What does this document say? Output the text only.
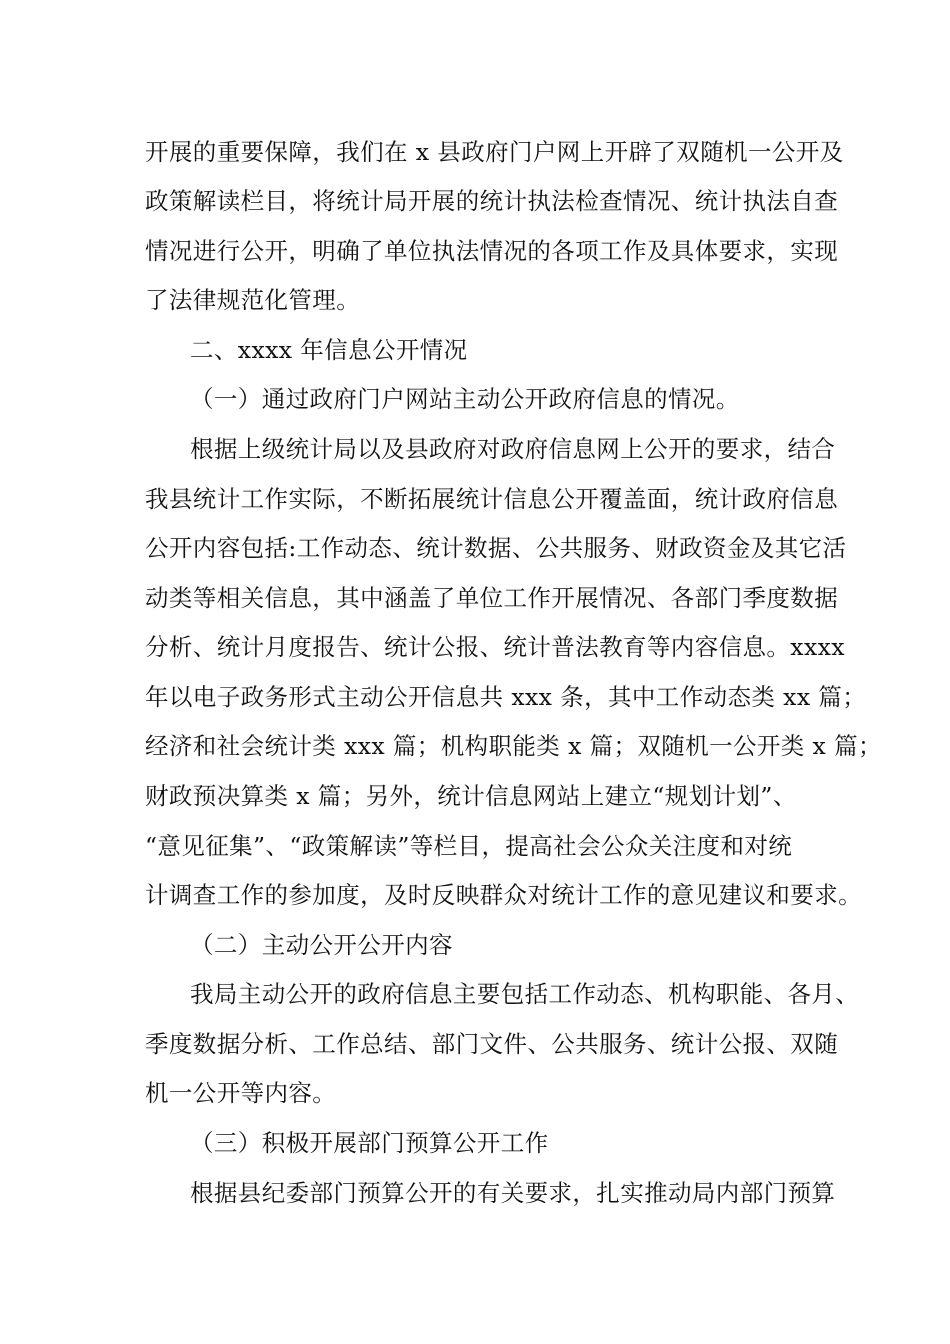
开展的重要保障，我们在 x 县政府门户网上开辟了双随机一公开及
政策解读栏目，将统计局开展的统计执法检查情况、统计执法自查
情况进行公开，明确了单位执法情况的各项工作及具体要求，实现
了法律规范化管理。
二、xxxx 年信息公开情况
（一）通过政府门户网站主动公开政府信息的情况。
根据上级统计局以及县政府对政府信息网上公开的要求，结合
我县统计工作实际，不断拓展统计信息公开覆盖面，统计政府信息
公开内容包括:工作动态、统计数据、公共服务、财政资金及其它活
动类等相关信息，其中涵盖了单位工作开展情况、各部门季度数据
分析、统计月度报告、统计公报、统计普法教育等内容信息。xxxx
年以电子政务形式主动公开信息共 xxx 条，其中工作动态类 xx 篇；
经济和社会统计类 xxx 篇；机构职能类 x 篇；双随机一公开类 x 篇；
财政预决算类 x 篇；另外，统计信息网站上建立“规划计划”、
“意见征集”、“政策解读”等栏目，提高社会公众关注度和对统
计调查工作的参加度，及时反映群众对统计工作的意见建议和要求。
（二）主动公开公开内容
我局主动公开的政府信息主要包括工作动态、机构职能、各月、
季度数据分析、工作总结、部门文件、公共服务、统计公报、双随
机一公开等内容。
（三）积极开展部门预算公开工作
根据县纪委部门预算公开的有关要求，扎实推动局内部门预算
